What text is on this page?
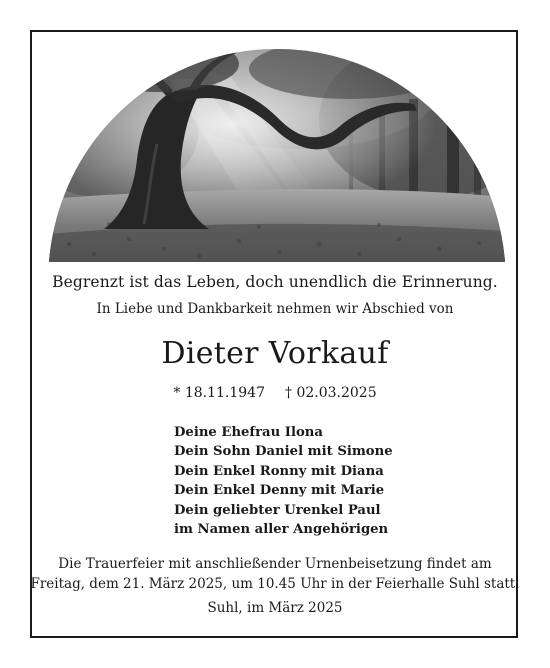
Begrenzt ist das Leben, doch unendlich die Erinnerung.

In Liebe und Dankbarkeit nehmen wir Abschied von

Dieter Vorkauf

* 18.11.1947 † 02.03.2025

Deine Ehefrau Ilona
Dein Sohn Daniel mit Simone
Dein Enkel Ronny mit Diana
Dein Enkel Denny mit Marie
Dein geliebter Urenkel Paul
im Namen aller Angehörigen

Die Trauerfeier mit anschließender Urnenbeisetzung findet am
Freitag, dem 21. März 2025, um 10.45 Uhr in der Feierhalle Suhl statt.

Suhl, im März 2025
